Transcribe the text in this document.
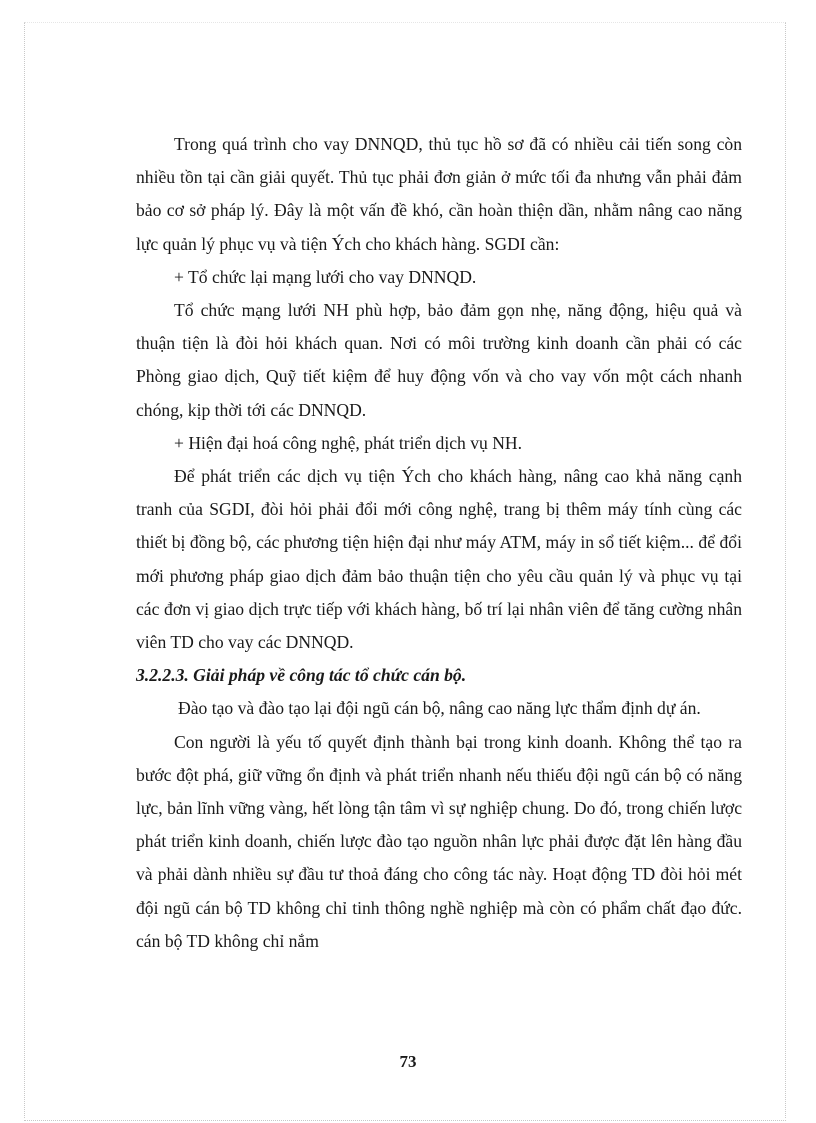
Trong quá trình cho vay DNNQD, thủ tục hồ sơ đã có nhiều cải tiến song còn nhiều tồn tại cần giải quyết. Thủ tục phải đơn giản ở mức tối đa nhưng vẫn phải đảm bảo cơ sở pháp lý. Đây là một vấn đề khó, cần hoàn thiện dần, nhằm nâng cao năng lực quản lý phục vụ và tiện Ých cho khách hàng. SGDI cần:

+ Tổ chức lại mạng lưới cho vay DNNQD.

Tổ chức mạng lưới NH phù hợp, bảo đảm gọn nhẹ, năng động, hiệu quả và thuận tiện là đòi hỏi khách quan. Nơi có môi trường kinh doanh cần phải có các Phòng giao dịch, Quỹ tiết kiệm để huy động vốn và cho vay vốn một cách nhanh chóng, kịp thời tới các DNNQD.

+ Hiện đại hoá công nghệ, phát triển dịch vụ NH.

Để phát triển các dịch vụ tiện Ých cho khách hàng, nâng cao khả năng cạnh tranh của SGDI, đòi hỏi phải đổi mới công nghệ, trang bị thêm máy tính cùng các thiết bị đồng bộ, các phương tiện hiện đại như máy ATM, máy in sổ tiết kiệm... để đổi mới phương pháp giao dịch đảm bảo thuận tiện cho yêu cầu quản lý và phục vụ tại các đơn vị giao dịch trực tiếp với khách hàng, bố trí lại nhân viên để tăng cường nhân viên TD cho vay các DNNQD.

3.2.2.3. Giải pháp về công tác tổ chức cán bộ.

Đào tạo và đào tạo lại đội ngũ cán bộ, nâng cao năng lực thẩm định dự án.

Con người là yếu tố quyết định thành bại trong kinh doanh. Không thể tạo ra bước đột phá, giữ vững ổn định và phát triển nhanh nếu thiếu đội ngũ cán bộ có năng lực, bản lĩnh vững vàng, hết lòng tận tâm vì sự nghiệp chung. Do đó, trong chiến lược phát triển kinh doanh, chiến lược đào tạo nguồn nhân lực phải được đặt lên hàng đầu và phải dành nhiều sự đầu tư thoả đáng cho công tác này. Hoạt động TD đòi hỏi mét đội ngũ cán bộ TD không chỉ tinh thông nghề nghiệp mà còn có phẩm chất đạo đức. cán bộ TD không chỉ nắm

73
